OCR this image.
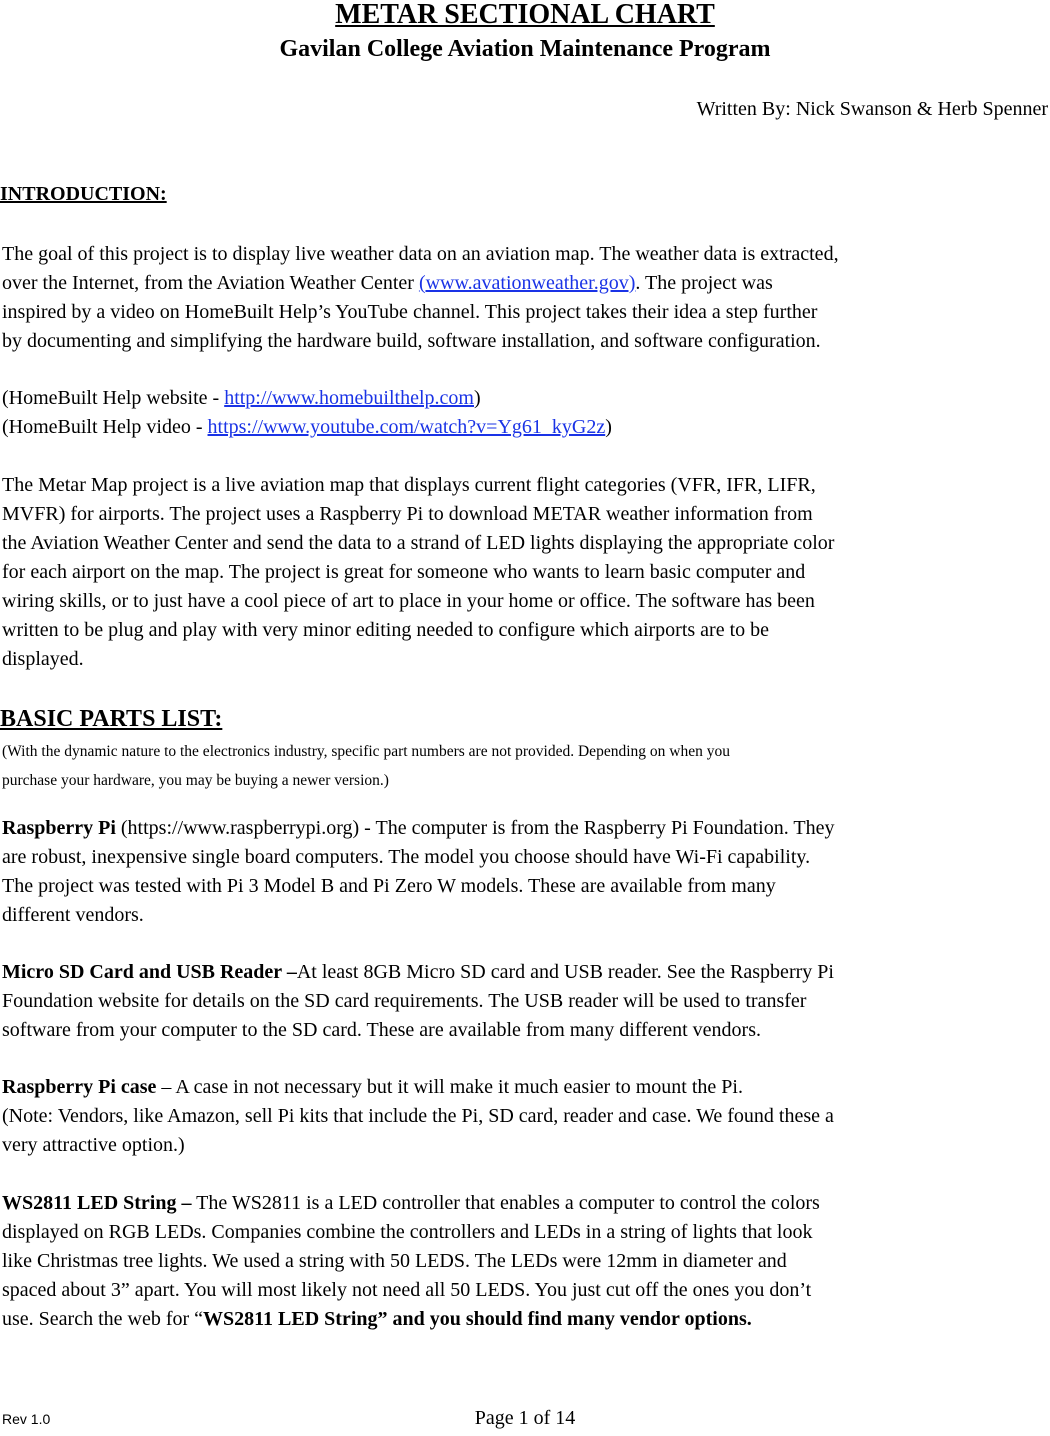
METAR SECTIONAL CHART
Gavilan College Aviation Maintenance Program
Written By: Nick Swanson & Herb Spenner
INTRODUCTION:
The goal of this project is to display live weather data on an aviation map. The weather data is extracted,
over the Internet, from the Aviation Weather Center (www.avationweather.gov). The project was
inspired by a video on HomeBuilt Help’s YouTube channel. This project takes their idea a step further
by documenting and simplifying the hardware build, software installation, and software configuration.
(HomeBuilt Help website - http://www.homebuilthelp.com)
(HomeBuilt Help video - https://www.youtube.com/watch?v=Yg61_kyG2z)
The Metar Map project is a live aviation map that displays current flight categories (VFR, IFR, LIFR,
MVFR) for airports. The project uses a Raspberry Pi to download METAR weather information from
the Aviation Weather Center and send the data to a strand of LED lights displaying the appropriate color
for each airport on the map. The project is great for someone who wants to learn basic computer and
wiring skills, or to just have a cool piece of art to place in your home or office. The software has been
written to be plug and play with very minor editing needed to configure which airports are to be
displayed.
BASIC PARTS LIST:
(With the dynamic nature to the electronics industry, specific part numbers are not provided. Depending on when you
purchase your hardware, you may be buying a newer version.)
Raspberry Pi (https://www.raspberrypi.org) - The computer is from the Raspberry Pi Foundation. They
are robust, inexpensive single board computers. The model you choose should have Wi-Fi capability.
The project was tested with Pi 3 Model B and Pi Zero W models. These are available from many
different vendors.
Micro SD Card and USB Reader –At least 8GB Micro SD card and USB reader. See the Raspberry Pi
Foundation website for details on the SD card requirements. The USB reader will be used to transfer
software from your computer to the SD card. These are available from many different vendors.
Raspberry Pi case – A case in not necessary but it will make it much easier to mount the Pi.
(Note: Vendors, like Amazon, sell Pi kits that include the Pi, SD card, reader and case. We found these a
very attractive option.)
WS2811 LED String – The WS2811 is a LED controller that enables a computer to control the colors
displayed on RGB LEDs. Companies combine the controllers and LEDs in a string of lights that look
like Christmas tree lights. We used a string with 50 LEDS. The LEDs were 12mm in diameter and
spaced about 3” apart. You will most likely not need all 50 LEDS. You just cut off the ones you don’t
use. Search the web for “WS2811 LED String” and you should find many vendor options.
Rev 1.0	Page 1 of 14
